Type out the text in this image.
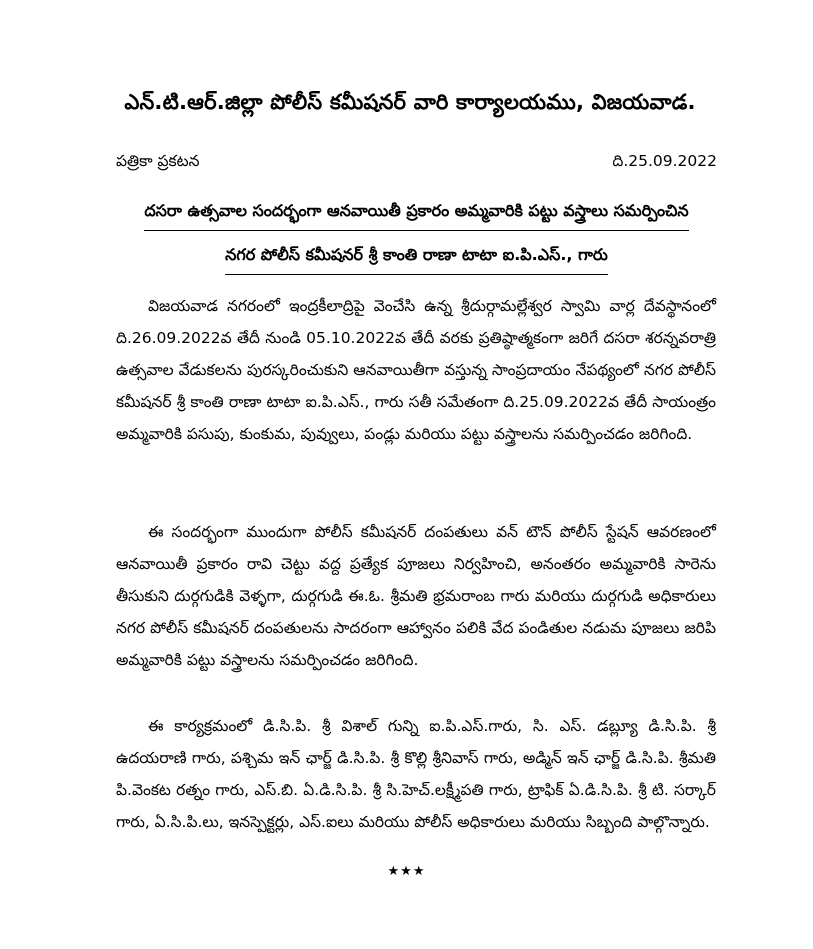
ఎన్.టి.ఆర్.జిల్లా పోలీస్ కమీషనర్ వారి కార్యాలయము, విజయవాడ.
పత్రికా ప్రకటన	ది.25.09.2022
దసరా ఉత్సవాల సందర్భంగా ఆనవాయితీ ప్రకారం అమ్మవారికి పట్టు వస్త్రాలు సమర్పించిన
నగర పోలీస్ కమీషనర్ శ్రీ కాంతి రాణా టాటా ఐ.పి.ఎస్., గారు

విజయవాడ నగరంలో ఇంద్రకీలాద్రిపై వెంచేసి ఉన్న శ్రీదుర్గామల్లేశ్వర స్వామి వార్ల దేవస్థానంలో ది.26.09.2022వ తేదీ నుండి 05.10.2022వ తేదీ వరకు ప్రతిష్ఠాత్మకంగా జరిగే దసరా శరన్నవరాత్రి ఉత్సవాల వేడుకలను పురస్కరించుకుని ఆనవాయితీగా వస్తున్న సాంప్రదాయం నేపథ్యంలో నగర పోలీస్ కమీషనర్ శ్రీ కాంతి రాణా టాటా ఐ.పి.ఎస్., గారు సతీ సమేతంగా ది.25.09.2022వ తేదీ సాయంత్రం అమ్మవారికి పసుపు, కుంకుమ, పువ్వులు, పండ్లు మరియు పట్టు వస్త్రాలను సమర్పించడం జరిగింది.

ఈ సందర్భంగా ముందుగా పోలీస్ కమీషనర్ దంపతులు వన్ టౌన్ పోలీస్ స్టేషన్ ఆవరణంలో ఆనవాయితీ ప్రకారం రావి చెట్టు వద్ద ప్రత్యేక పూజలు నిర్వహించి, అనంతరం అమ్మవారికి సారెను తీసుకుని దుర్గగుడికి వెళ్ళగా, దుర్గగుడి ఈ.ఓ. శ్రీమతి భ్రమరాంబ గారు మరియు దుర్గగుడి అధికారులు నగర పోలీస్ కమీషనర్ దంపతులను సాదరంగా ఆహ్వానం పలికి వేద పండితుల నడుమ పూజలు జరిపి అమ్మవారికి పట్టు వస్త్రాలను సమర్పించడం జరిగింది.

ఈ కార్యక్రమంలో డి.సి.పి. శ్రీ విశాల్ గున్ని ఐ.పి.ఎస్.గారు, సి. ఎస్. డబ్ల్యూ డి.సి.పి. శ్రీ ఉదయరాణి గారు, పశ్చిమ ఇన్ ఛార్జ్ డి.సి.పి. శ్రీ కొల్లి శ్రీనివాస్ గారు, అడ్మిన్ ఇన్ ఛార్జ్ డి.సి.పి. శ్రీమతి పి.వెంకట రత్నం గారు, ఎస్.బి. ఏ.డి.సి.పి. శ్రీ సి.హెచ్.లక్ష్మీపతి గారు, ట్రాఫిక్ ఏ.డి.సి.పి. శ్రీ టి. సర్కార్ గారు, ఏ.సి.పి.లు, ఇనస్పెక్టర్లు, ఎస్.ఐలు మరియు పోలీస్ అధికారులు మరియు సిబ్బంది పాల్గొన్నారు.

★★★
